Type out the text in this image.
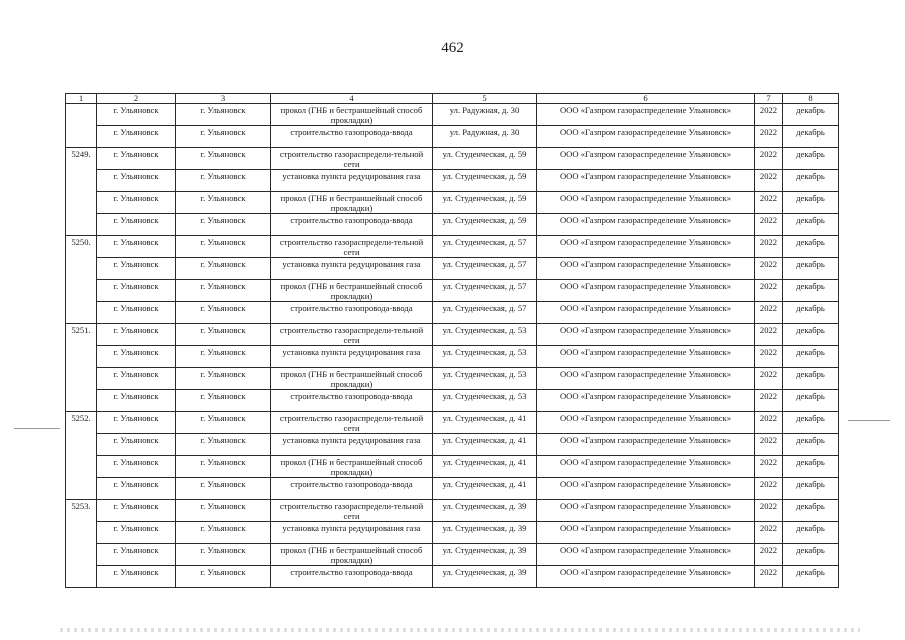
462
1	2	3	4	5	6	7	8
	г. Ульяновск	г. Ульяновск	прокол (ГНБ и бестраншейный способ прокладки)	ул. Радужная, д. 30	ООО «Газпром газораспределение Ульяновск»	2022	декабрь
	г. Ульяновск	г. Ульяновск	строительство газопровода-ввода	ул. Радужная, д. 30	ООО «Газпром газораспределение Ульяновск»	2022	декабрь
5249.	г. Ульяновск	г. Ульяновск	строительство газораспредели-тельной сети	ул. Студенческая, д. 59	ООО «Газпром газораспределение Ульяновск»	2022	декабрь
	г. Ульяновск	г. Ульяновск	установка пункта редуцирования газа	ул. Студенческая, д. 59	ООО «Газпром газораспределение Ульяновск»	2022	декабрь
	г. Ульяновск	г. Ульяновск	прокол (ГНБ и бестраншейный способ прокладки)	ул. Студенческая, д. 59	ООО «Газпром газораспределение Ульяновск»	2022	декабрь
	г. Ульяновск	г. Ульяновск	строительство газопровода-ввода	ул. Студенческая, д. 59	ООО «Газпром газораспределение Ульяновск»	2022	декабрь
5250.	г. Ульяновск	г. Ульяновск	строительство газораспредели-тельной сети	ул. Студенческая, д. 57	ООО «Газпром газораспределение Ульяновск»	2022	декабрь
	г. Ульяновск	г. Ульяновск	установка пункта редуцирования газа	ул. Студенческая, д. 57	ООО «Газпром газораспределение Ульяновск»	2022	декабрь
	г. Ульяновск	г. Ульяновск	прокол (ГНБ и бестраншейный способ прокладки)	ул. Студенческая, д. 57	ООО «Газпром газораспределение Ульяновск»	2022	декабрь
	г. Ульяновск	г. Ульяновск	строительство газопровода-ввода	ул. Студенческая, д. 57	ООО «Газпром газораспределение Ульяновск»	2022	декабрь
5251.	г. Ульяновск	г. Ульяновск	строительство газораспредели-тельной сети	ул. Студенческая, д. 53	ООО «Газпром газораспределение Ульяновск»	2022	декабрь
	г. Ульяновск	г. Ульяновск	установка пункта редуцирования газа	ул. Студенческая, д. 53	ООО «Газпром газораспределение Ульяновск»	2022	декабрь
	г. Ульяновск	г. Ульяновск	прокол (ГНБ и бестраншейный способ прокладки)	ул. Студенческая, д. 53	ООО «Газпром газораспределение Ульяновск»	2022	декабрь
	г. Ульяновск	г. Ульяновск	строительство газопровода-ввода	ул. Студенческая, д. 53	ООО «Газпром газораспределение Ульяновск»	2022	декабрь
5252.	г. Ульяновск	г. Ульяновск	строительство газораспредели-тельной сети	ул. Студенческая, д. 41	ООО «Газпром газораспределение Ульяновск»	2022	декабрь
	г. Ульяновск	г. Ульяновск	установка пункта редуцирования газа	ул. Студенческая, д. 41	ООО «Газпром газораспределение Ульяновск»	2022	декабрь
	г. Ульяновск	г. Ульяновск	прокол (ГНБ и бестраншейный способ прокладки)	ул. Студенческая, д. 41	ООО «Газпром газораспределение Ульяновск»	2022	декабрь
	г. Ульяновск	г. Ульяновск	строительство газопровода-ввода	ул. Студенческая, д. 41	ООО «Газпром газораспределение Ульяновск»	2022	декабрь
5253.	г. Ульяновск	г. Ульяновск	строительство газораспредели-тельной сети	ул. Студенческая, д. 39	ООО «Газпром газораспределение Ульяновск»	2022	декабрь
	г. Ульяновск	г. Ульяновск	установка пункта редуцирования газа	ул. Студенческая, д. 39	ООО «Газпром газораспределение Ульяновск»	2022	декабрь
	г. Ульяновск	г. Ульяновск	прокол (ГНБ и бестраншейный способ прокладки)	ул. Студенческая, д. 39	ООО «Газпром газораспределение Ульяновск»	2022	декабрь
	г. Ульяновск	г. Ульяновск	строительство газопровода-ввода	ул. Студенческая, д. 39	ООО «Газпром газораспределение Ульяновск»	2022	декабрь
